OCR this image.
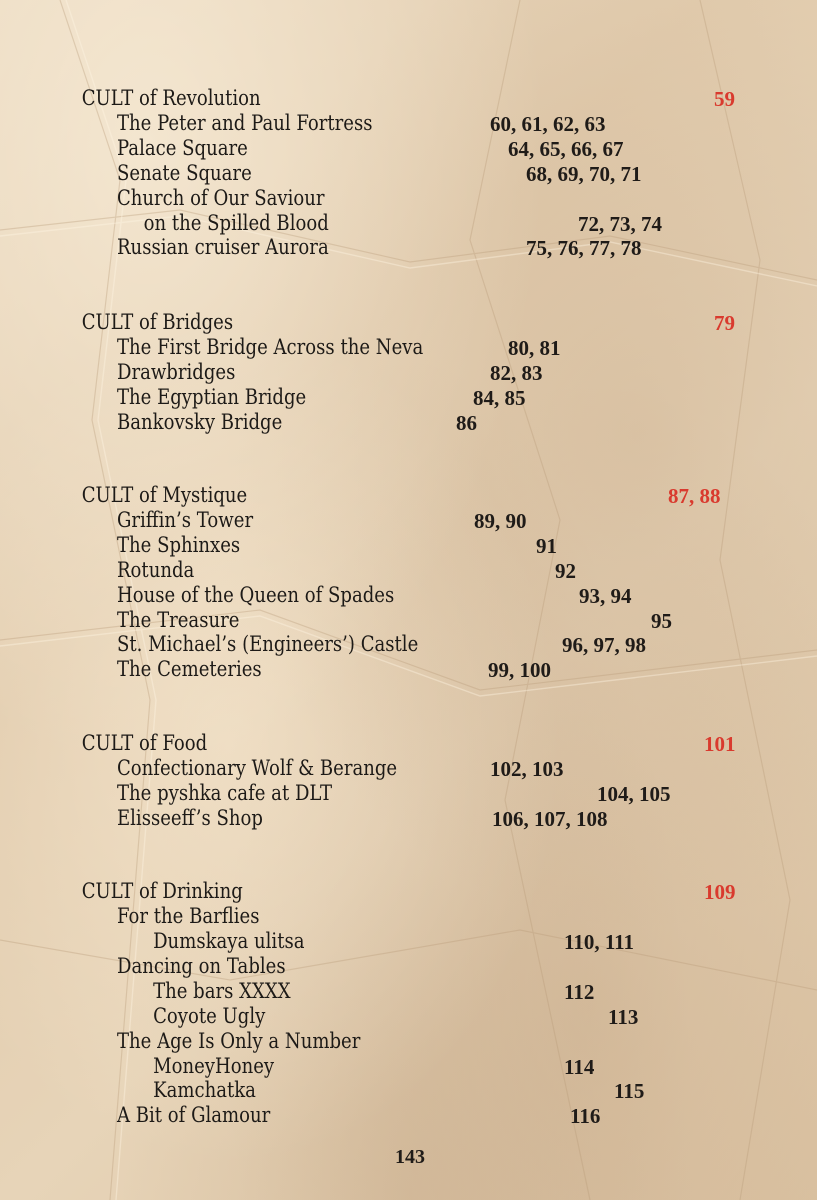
CULT of Revolution	59
The Peter and Paul Fortress	60, 61, 62, 63
Palace Square	64, 65, 66, 67
Senate Square	68, 69, 70, 71
Church of Our Saviour
on the Spilled Blood	72, 73, 74
Russian cruiser Aurora	75, 76, 77, 78
CULT of Bridges	79
The First Bridge Across the Neva	80, 81
Drawbridges	82, 83
The Egyptian Bridge	84, 85
Bankovsky Bridge	86
CULT of Mystique	87, 88
Griffin’s Tower	89, 90
The Sphinxes	91
Rotunda	92
House of the Queen of Spades	93, 94
The Treasure	95
St. Michael’s (Engineers’) Castle	96, 97, 98
The Cemeteries	99, 100
CULT of Food	101
Confectionary Wolf & Berange	102, 103
The pyshka cafe at DLT	104, 105
Elisseeff’s Shop	106, 107, 108
CULT of Drinking	109
For the Barflies
Dumskaya ulitsa	110, 111
Dancing on Tables
The bars XXXX	112
Coyote Ugly	113
The Age Is Only a Number
MoneyHoney	114
Kamchatka	115
A Bit of Glamour	116
143
